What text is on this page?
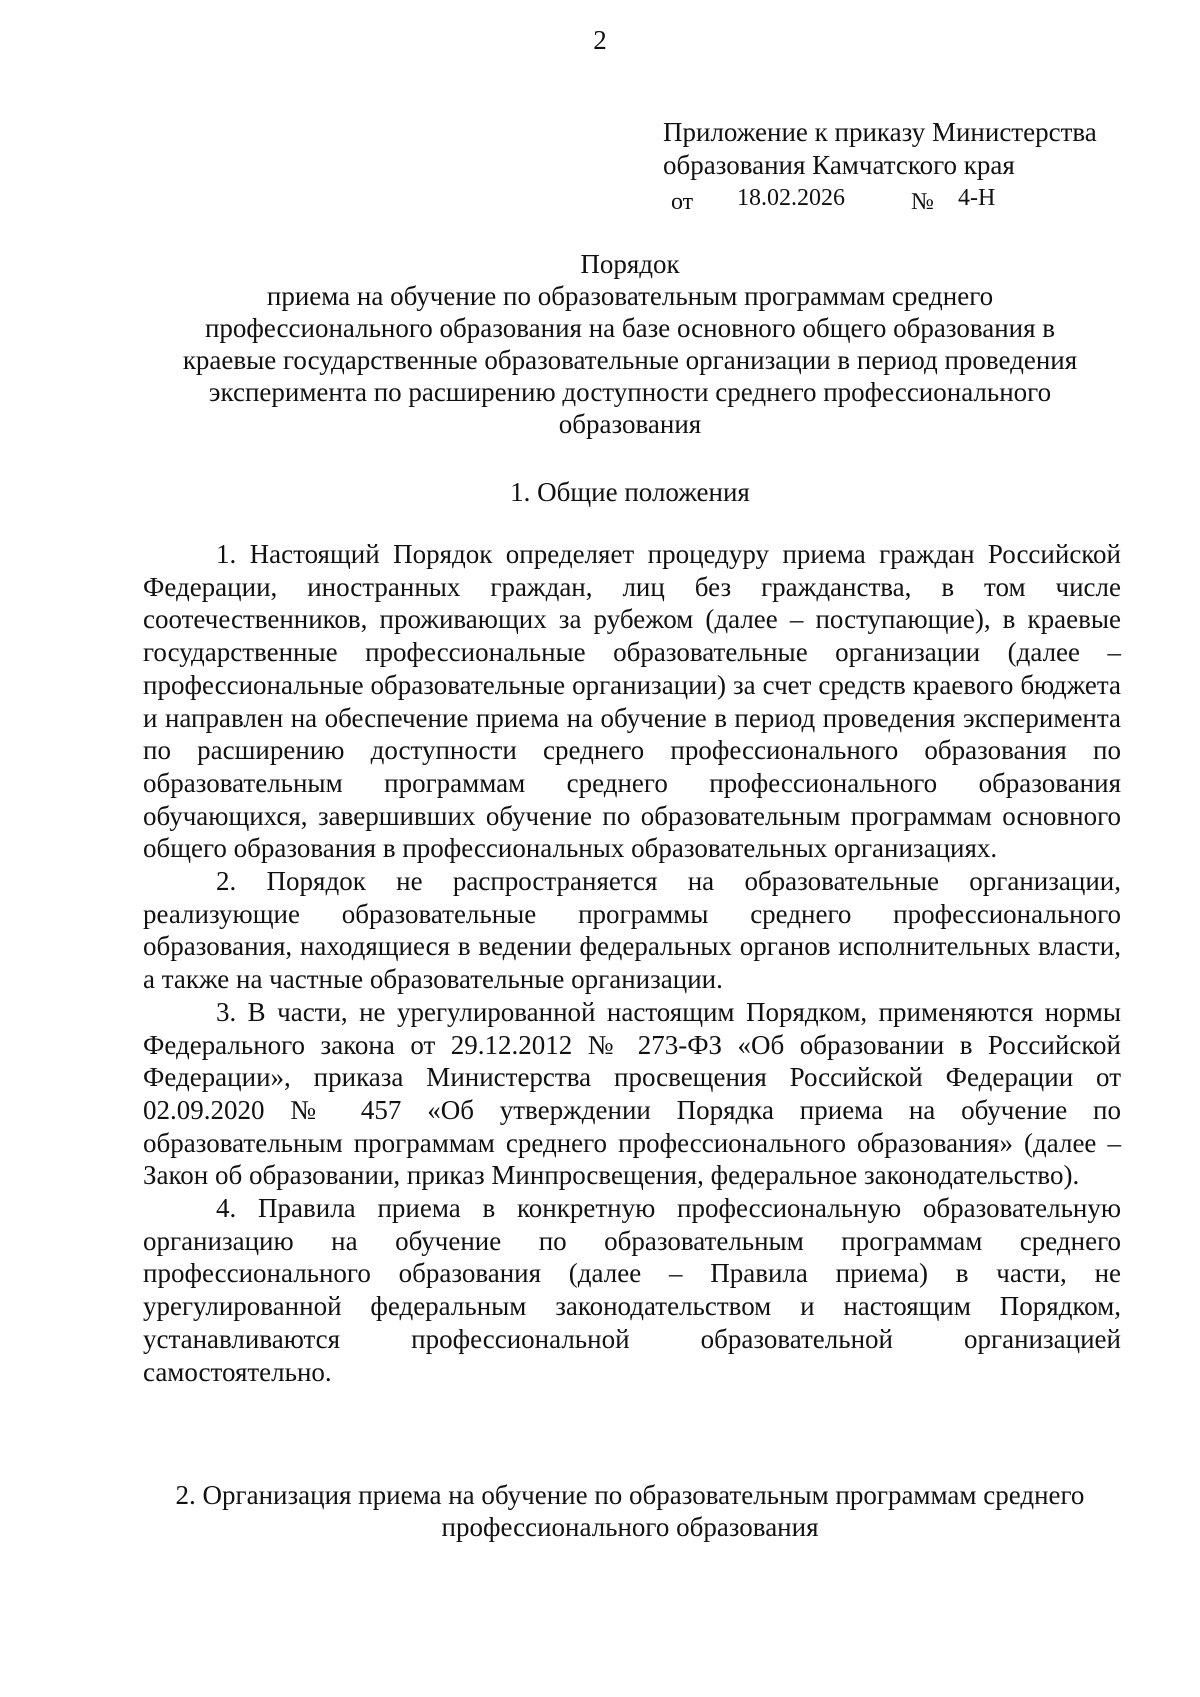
2
Приложение к приказу Министерства
образования Камчатского края
от 18.02.2026	№ 4-Н
Порядок
приема на обучение по образовательным программам среднего
профессионального образования на базе основного общего образования в
краевые государственные образовательные организации в период проведения
эксперимента по расширению доступности среднего профессионального
образования
1. Общие положения

1. Настоящий Порядок определяет процедуру приема граждан Российской Федерации, иностранных граждан, лиц без гражданства, в том числе соотечественников, проживающих за рубежом (далее – поступающие), в краевые государственные профессиональные образовательные организации (далее – профессиональные образовательные организации) за счет средств краевого бюджета и направлен на обеспечение приема на обучение в период проведения эксперимента по расширению доступности среднего профессионального образования по образовательным программам среднего профессионального образования обучающихся, завершивших обучение по образовательным программам основного общего образования в профессиональных образовательных организациях.

2. Порядок не распространяется на образовательные организации, реализующие образовательные программы среднего профессионального образования, находящиеся в ведении федеральных органов исполнительных власти, а также на частные образовательные организации.

3. В части, не урегулированной настоящим Порядком, применяются нормы Федерального закона от 29.12.2012 № 273-ФЗ «Об образовании в Российской Федерации», приказа Министерства просвещения Российской Федерации от 02.09.2020 № 457 «Об утверждении Порядка приема на обучение по образовательным программам среднего профессионального образования» (далее – Закон об образовании, приказ Минпросвещения, федеральное законодательство).

4. Правила приема в конкретную профессиональную образовательную организацию на обучение по образовательным программам среднего профессионального образования (далее – Правила приема) в части, не урегулированной федеральным законодательством и настоящим Порядком, устанавливаются профессиональной образовательной организацией самостоятельно.

2. Организация приема на обучение по образовательным программам среднего
профессионального образования
